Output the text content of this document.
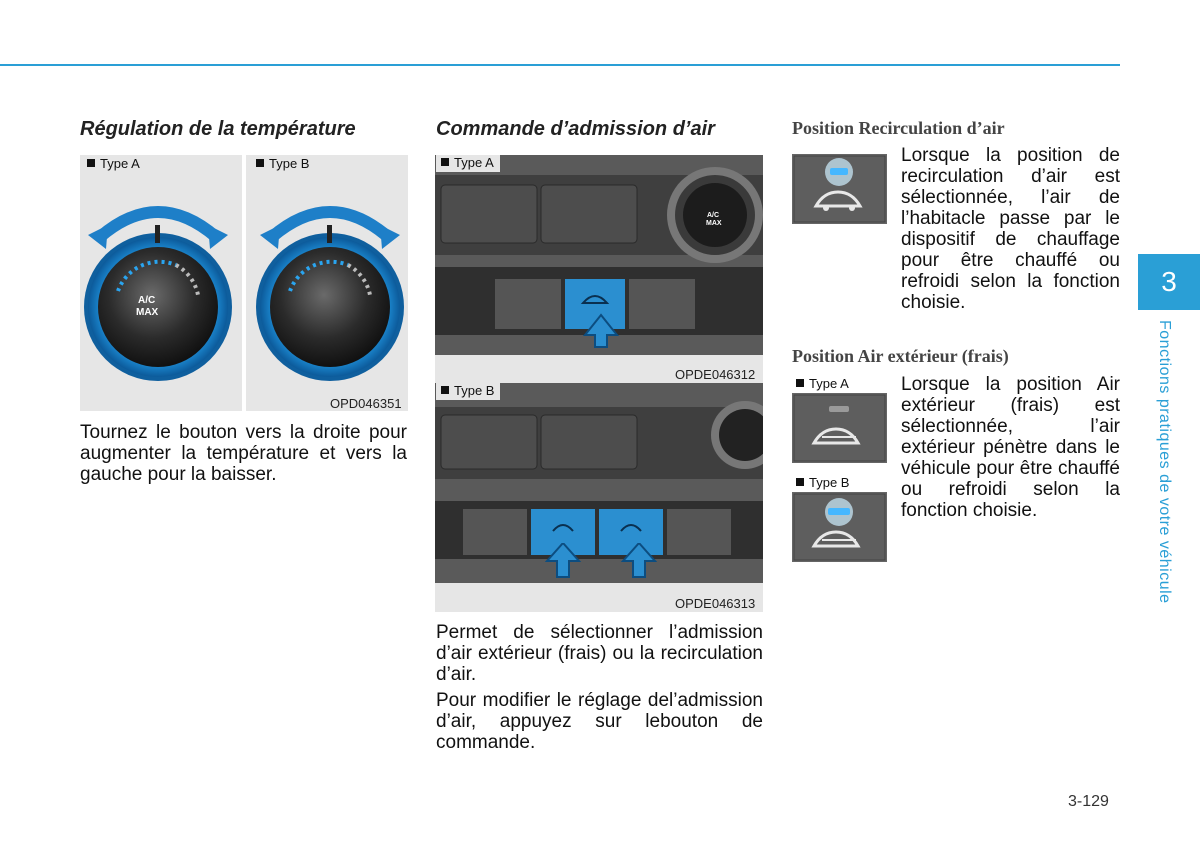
Régulation de la température
Type A
A/C
MAX
Type B
OPD046351
Tournez le bouton vers la droite pour augmenter la température et vers la gauche pour la baisser.
Commande d’admission d’air
A/C
MAX
Type A
OPDE046312
Type B
OPDE046313
Permet de sélectionner l’admission d’air extérieur (frais) ou la recirculation d’air.
Pour modifier le réglage del’admission d’air, appuyez sur lebouton de commande.
Position Recirculation d’air
Lorsque la position de recirculation d’air est sélectionnée, l’air de l’habitacle passe par le dispositif de chauffage pour être chauffé ou refroidi selon la fonction choisie.
Position Air extérieur (frais)
Type A
Type B
Lorsque la position Air extérieur (frais) est sélectionnée, l’air extérieur pénètre dans le véhicule pour être chauffé ou refroidi selon la fonction choisie.
3
Fonctions pratiques de votre véhicule
3-129
